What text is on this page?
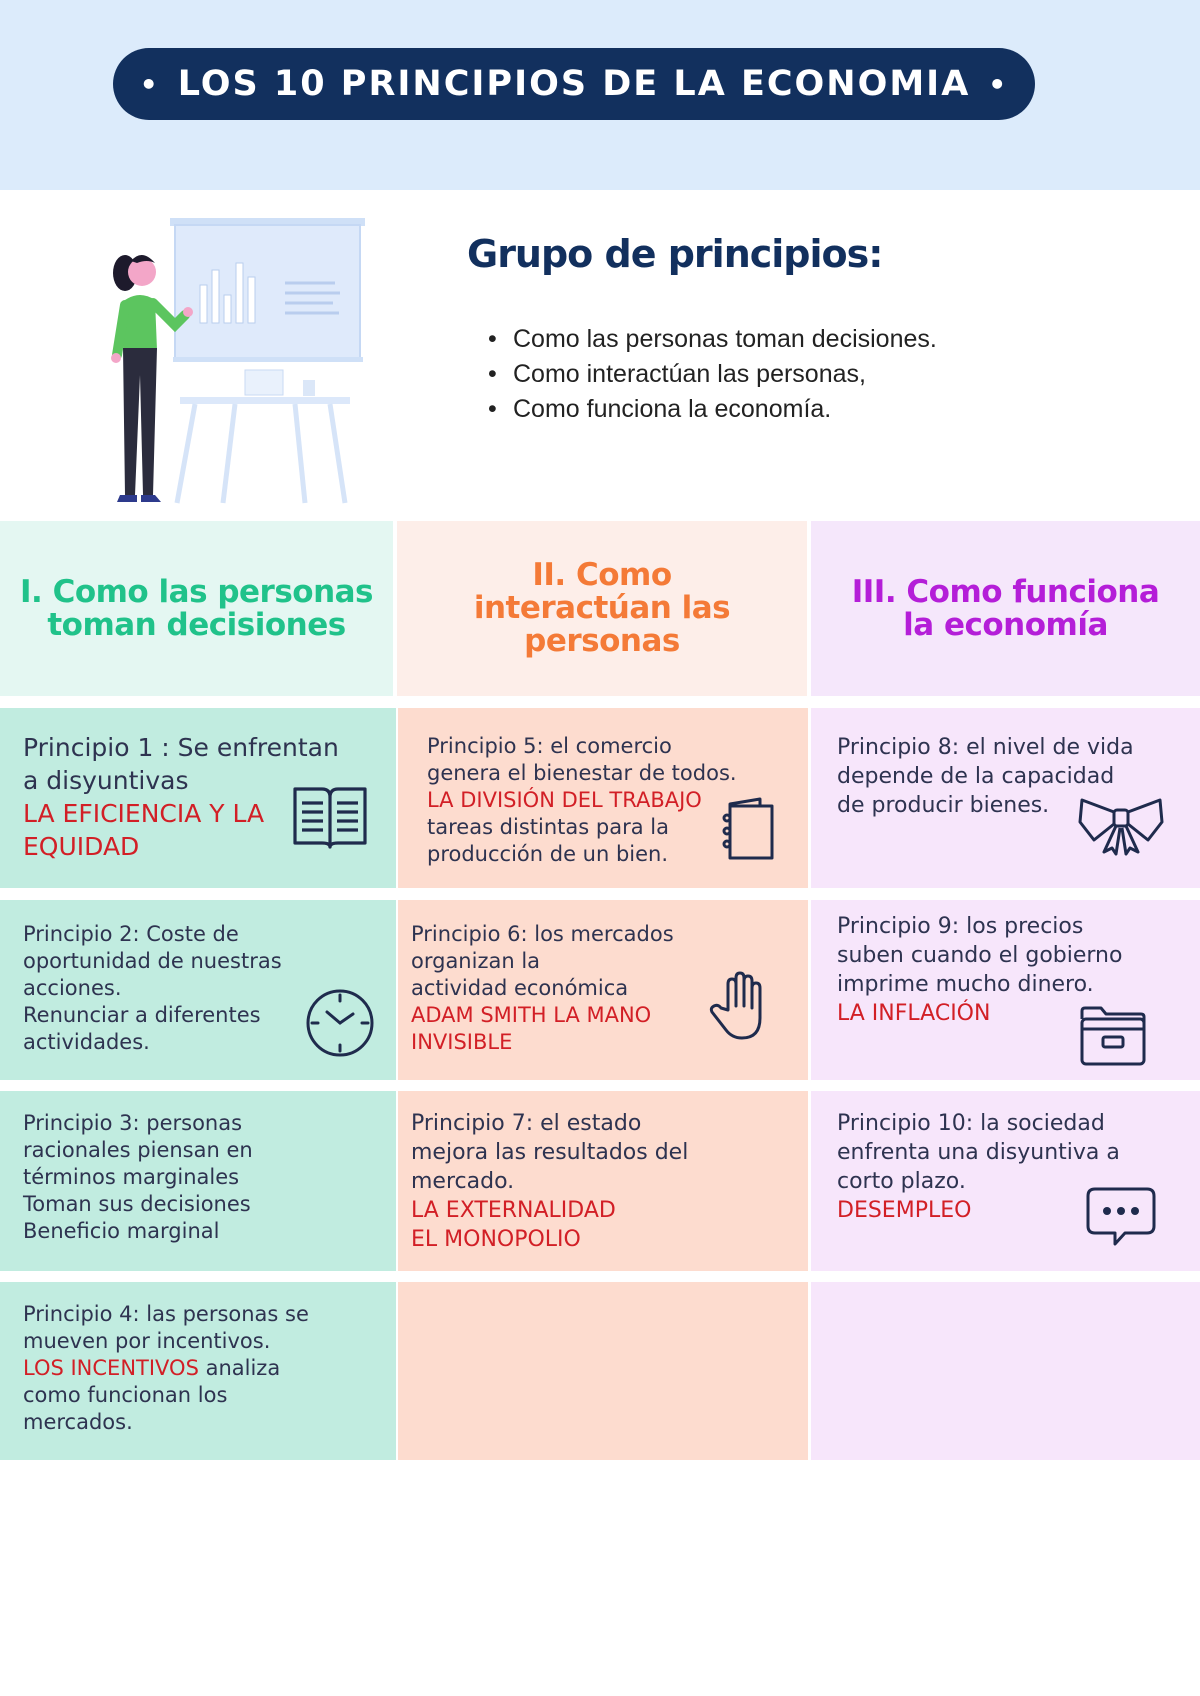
• LOS 10 PRINCIPIOS DE LA ECONOMIA •
Grupo de principios:
• Como las personas toman decisiones.
• Como interactúan las personas,
• Como funciona la economía.
I. Como las personas
toman decisiones
II. Como
interactúan las
personas
III. Como funciona
la economía

Principio 1 : Se enfrentan

a disyuntivas

LA EFICIENCIA Y LA

EQUIDAD

Principio 5: el comercio

genera el bienestar de todos.

LA DIVISIÓN DEL TRABAJO

tareas distintas para la

producción de un bien.

Principio 8: el nivel de vida

depende de la capacidad

de producir bienes.

Principio 2: Coste de

oportunidad de nuestras

acciones.

Renunciar a diferentes

actividades.

Principio 6: los mercados

organizan la

actividad económica

ADAM SMITH LA MANO

INVISIBLE

Principio 9: los precios

suben cuando el gobierno

imprime mucho dinero.

LA INFLACIÓN

Principio 3: personas

racionales piensan en

términos marginales

Toman sus decisiones

Beneficio marginal

Principio 7: el estado

mejora las resultados del

mercado.

LA EXTERNALIDAD

EL MONOPOLIO

Principio 10: la sociedad

enfrenta una disyuntiva a

corto plazo.

DESEMPLEO

Principio 4: las personas se

mueven por incentivos.

LOS INCENTIVOS analiza

como funcionan los

mercados.
